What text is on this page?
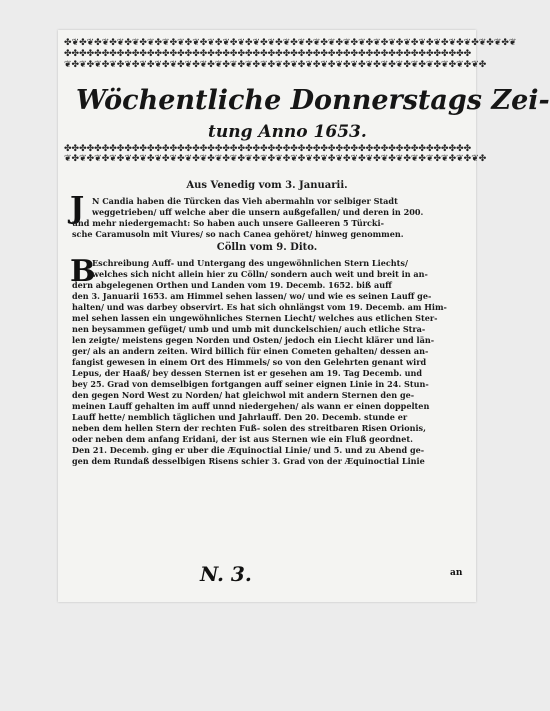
✤❦✤❦✤❦✤❦✤❦✤❦✤❦✤❦✤❦✤❦✤❦✤❦✤❦✤❦✤❦✤❦✤❦✤❦✤❦✤❦✤❦✤❦✤❦✤❦✤❦✤❦✤❦✤❦✤❦✤❦
✤✤✤✤✤✤✤✤✤✤✤✤✤✤✤✤✤✤✤✤✤✤✤✤✤✤✤✤✤✤✤✤✤✤✤✤✤✤✤✤✤✤✤✤✤✤✤✤✤✤✤✤✤✤
❦✤❦✤❦✤❦✤❦✤❦✤❦✤❦✤❦✤❦✤❦✤❦✤❦✤❦✤❦✤❦✤❦✤❦✤❦✤❦✤❦✤❦✤❦✤❦✤❦✤❦✤❦✤❦✤
Wöchentliche Donnerstags Zei-
tung Anno 1653.
✤✤✤✤✤✤✤✤✤✤✤✤✤✤✤✤✤✤✤✤✤✤✤✤✤✤✤✤✤✤✤✤✤✤✤✤✤✤✤✤✤✤✤✤✤✤✤✤✤✤✤✤✤✤
❦✤❦✤❦✤❦✤❦✤❦✤❦✤❦✤❦✤❦✤❦✤❦✤❦✤❦✤❦✤❦✤❦✤❦✤❦✤❦✤❦✤❦✤❦✤❦✤❦✤❦✤❦✤❦✤
Aus Venedig vom 3. Januarii.
J N Candia haben die Türcken das Vieh abermahln vor selbiger Stadt
weggetrieben/ uff welche aber die unsern außgefallen/ und deren in 200.
und mehr niedergemacht: So haben auch unsere Galleeren 5 Türcki-
sche Caramusoln mit Viures/ so nach Canea gehöret/ hinweg genommen.
Cölln vom 9. Dito.
B
Eschreibung Auff- und Untergang des ungewöhnlichen Stern Liechts/
welches sich nicht allein hier zu Cölln/ sondern auch weit und breit in an-
dern abgelegenen Orthen und Landen vom 19. Decemb. 1652. biß auff
den 3. Januarii 1653. am Himmel sehen lassen/ wo/ und wie es seinen Lauff ge-
halten/ und was darbey observirt. Es hat sich ohnlängst vom 19. Decemb. am Him-
mel sehen lassen ein ungewöhnliches Sternen Liecht/ welches aus etlichen Ster-
nen beysammen gefüget/ umb und umb mit dunckelschien/ auch etliche Stra-
len zeigte/ meistens gegen Norden und Osten/ jedoch ein Liecht klärer und län-
ger/ als an andern zeiten. Wird billich für einen Cometen gehalten/ dessen an-
fangist gewesen in einem Ort des Himmels/ so von den Gelehrten genant wird
Lepus, der Haaß/ bey dessen Sternen ist er gesehen am 19. Tag Decemb. und
bey 25. Grad von demselbigen fortgangen auff seiner eignen Linie in 24. Stun-
den gegen Nord West zu Norden/ hat gleichwol mit andern Sternen den ge-
meinen Lauff gehalten im auff unnd niedergehen/ als wann er einen doppelten
Lauff hette/ nemblich täglichen und Jahrlauff. Den 20. Decemb. stunde er
neben dem hellen Stern der rechten Fuß- solen des streitbaren Risen Orionis,
oder neben dem anfang Eridani, der ist aus Sternen wie ein Fluß geordnet.
Den 21. Decemb. ging er uber die Æquinoctial Linie/ und 5. und zu Abend ge-
gen dem Rundaß desselbigen Risens schier 3. Grad von der Æquinoctial Linie
N. 3.	an
